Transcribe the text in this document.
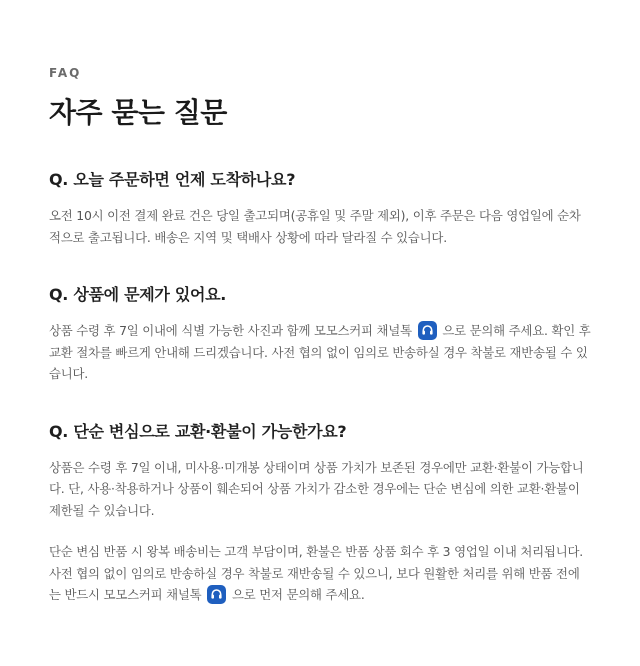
FAQ

자주 묻는 질문
Q. 오늘 주문하면 언제 도착하나요?

오전 10시 이전 결제 완료 건은 당일 출고되며(공휴일 및 주말 제외), 이후 주문은 다음 영업일에 순차적으로 출고됩니다. 배송은 지역 및 택배사 상황에 따라 달라질 수 있습니다.

Q. 상품에 문제가 있어요.

상품 수령 후 7일 이내에 식별 가능한 사진과 함께 모모스커피 채널톡 으로 문의해 주세요. 확인 후 교환 절차를 빠르게 안내해 드리겠습니다. 사전 협의 없이 임의로 반송하실 경우 착불로 재반송될 수 있습니다.

Q. 단순 변심으로 교환·환불이 가능한가요?

상품은 수령 후 7일 이내, 미사용·미개봉 상태이며 상품 가치가 보존된 경우에만 교환·환불이 가능합니다. 단, 사용·착용하거나 상품이 훼손되어 상품 가치가 감소한 경우에는 단순 변심에 의한 교환·환불이 제한될 수 있습니다.

단순 변심 반품 시 왕복 배송비는 고객 부담이며, 환불은 반품 상품 회수 후 3 영업일 이내 처리됩니다. 사전 협의 없이 임의로 반송하실 경우 착불로 재반송될 수 있으니, 보다 원활한 처리를 위해 반품 전에는 반드시 모모스커피 채널톡 으로 먼저 문의해 주세요.
